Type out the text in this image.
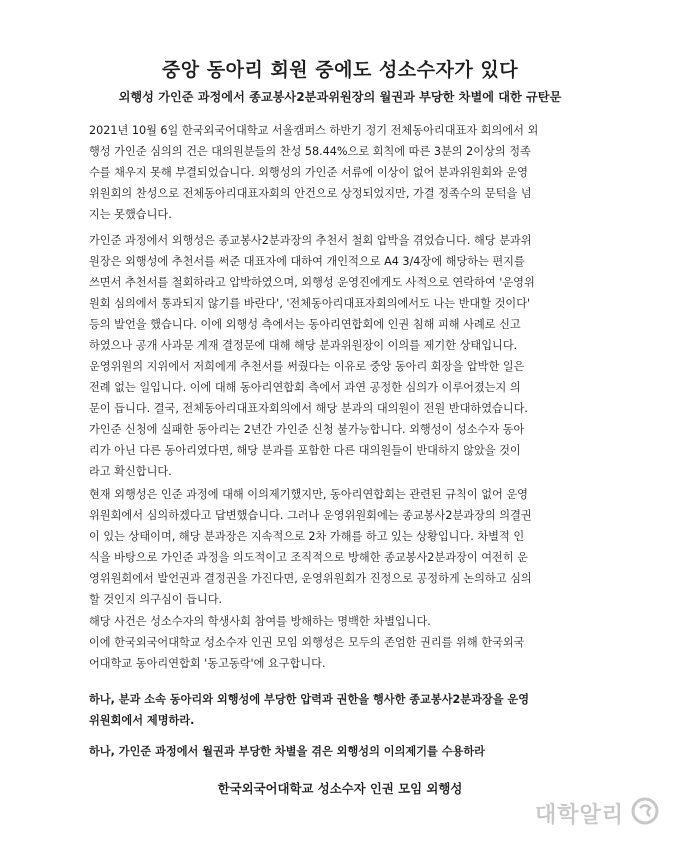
중앙 동아리 회원 중에도 성소수자가 있다
외행성 가인준 과정에서 종교봉사2분과위원장의 월권과 부당한 차별에 대한 규탄문
2021년 10월 6일 한국외국어대학교 서울캠퍼스 하반기 정기 전체동아리대표자 회의에서 외
행성 가인준 심의의 건은 대의원분들의 찬성 58.44%으로 회칙에 따른 3분의 2이상의 정족
수를 채우지 못해 부결되었습니다. 외행성의 가인준 서류에 이상이 없어 분과위원회와 운영
위원회의 찬성으로 전체동아리대표자회의 안건으로 상정되었지만, 가결 정족수의 문턱을 넘
지는 못했습니다.
가인준 과정에서 외행성은 종교봉사2분과장의 추천서 철회 압박을 겪었습니다. 해당 분과위
원장은 외행성에 추천서를 써준 대표자에 대하여 개인적으로 A4 3/4장에 해당하는 편지를
쓰면서 추천서를 철회하라고 압박하였으며, 외행성 운영진에게도 사적으로 연락하여 '운영위
원회 심의에서 통과되지 않기를 바란다', '전체동아리대표자회의에서도 나는 반대할 것이다'
등의 발언을 했습니다. 이에 외행성 측에서는 동아리연합회에 인권 침해 피해 사례로 신고
하였으나 공개 사과문 게재 결정문에 대해 해당 분과위원장이 이의를 제기한 상태입니다.
운영위원의 지위에서 저희에게 추천서를 써줬다는 이유로 중앙 동아리 회장을 압박한 일은
전례 없는 일입니다. 이에 대해 동아리연합회 측에서 과연 공정한 심의가 이루어졌는지 의
문이 듭니다. 결국, 전체동아리대표자회의에서 해당 분과의 대의원이 전원 반대하였습니다.
가인준 신청에 실패한 동아리는 2년간 가인준 신청 불가능합니다. 외행성이 성소수자 동아
리가 아닌 다른 동아리였다면, 해당 분과를 포함한 다른 대의원들이 반대하지 않았을 것이
라고 확신합니다.
현재 외행성은 인준 과정에 대해 이의제기했지만, 동아리연합회는 관련된 규칙이 없어 운영
위원회에서 심의하겠다고 답변했습니다. 그러나 운영위원회에는 종교봉사2분과장의 의결권
이 있는 상태이며, 해당 분과장은 지속적으로 2차 가해를 하고 있는 상황입니다. 차별적 인
식을 바탕으로 가인준 과정을 의도적이고 조직적으로 방해한 종교봉사2분과장이 여전히 운
영위원회에서 발언권과 결정권을 가진다면, 운영위원회가 진정으로 공정하게 논의하고 심의
할 것인지 의구심이 듭니다.
해당 사건은 성소수자의 학생사회 참여를 방해하는 명백한 차별입니다.
이에 한국외국어대학교 성소수자 인권 모임 외행성은 모두의 존엄한 권리를 위해 한국외국
어대학교 동아리연합회 '동고동락'에 요구합니다.
하나, 분과 소속 동아리와 외행성에 부당한 압력과 권한을 행사한 종교봉사2분과장을 운영
위원회에서 제명하라.
하나, 가인준 과정에서 월권과 부당한 차별을 겪은 외행성의 이의제기를 수용하라
한국외국어대학교 성소수자 인권 모임 외행성
대학알리
